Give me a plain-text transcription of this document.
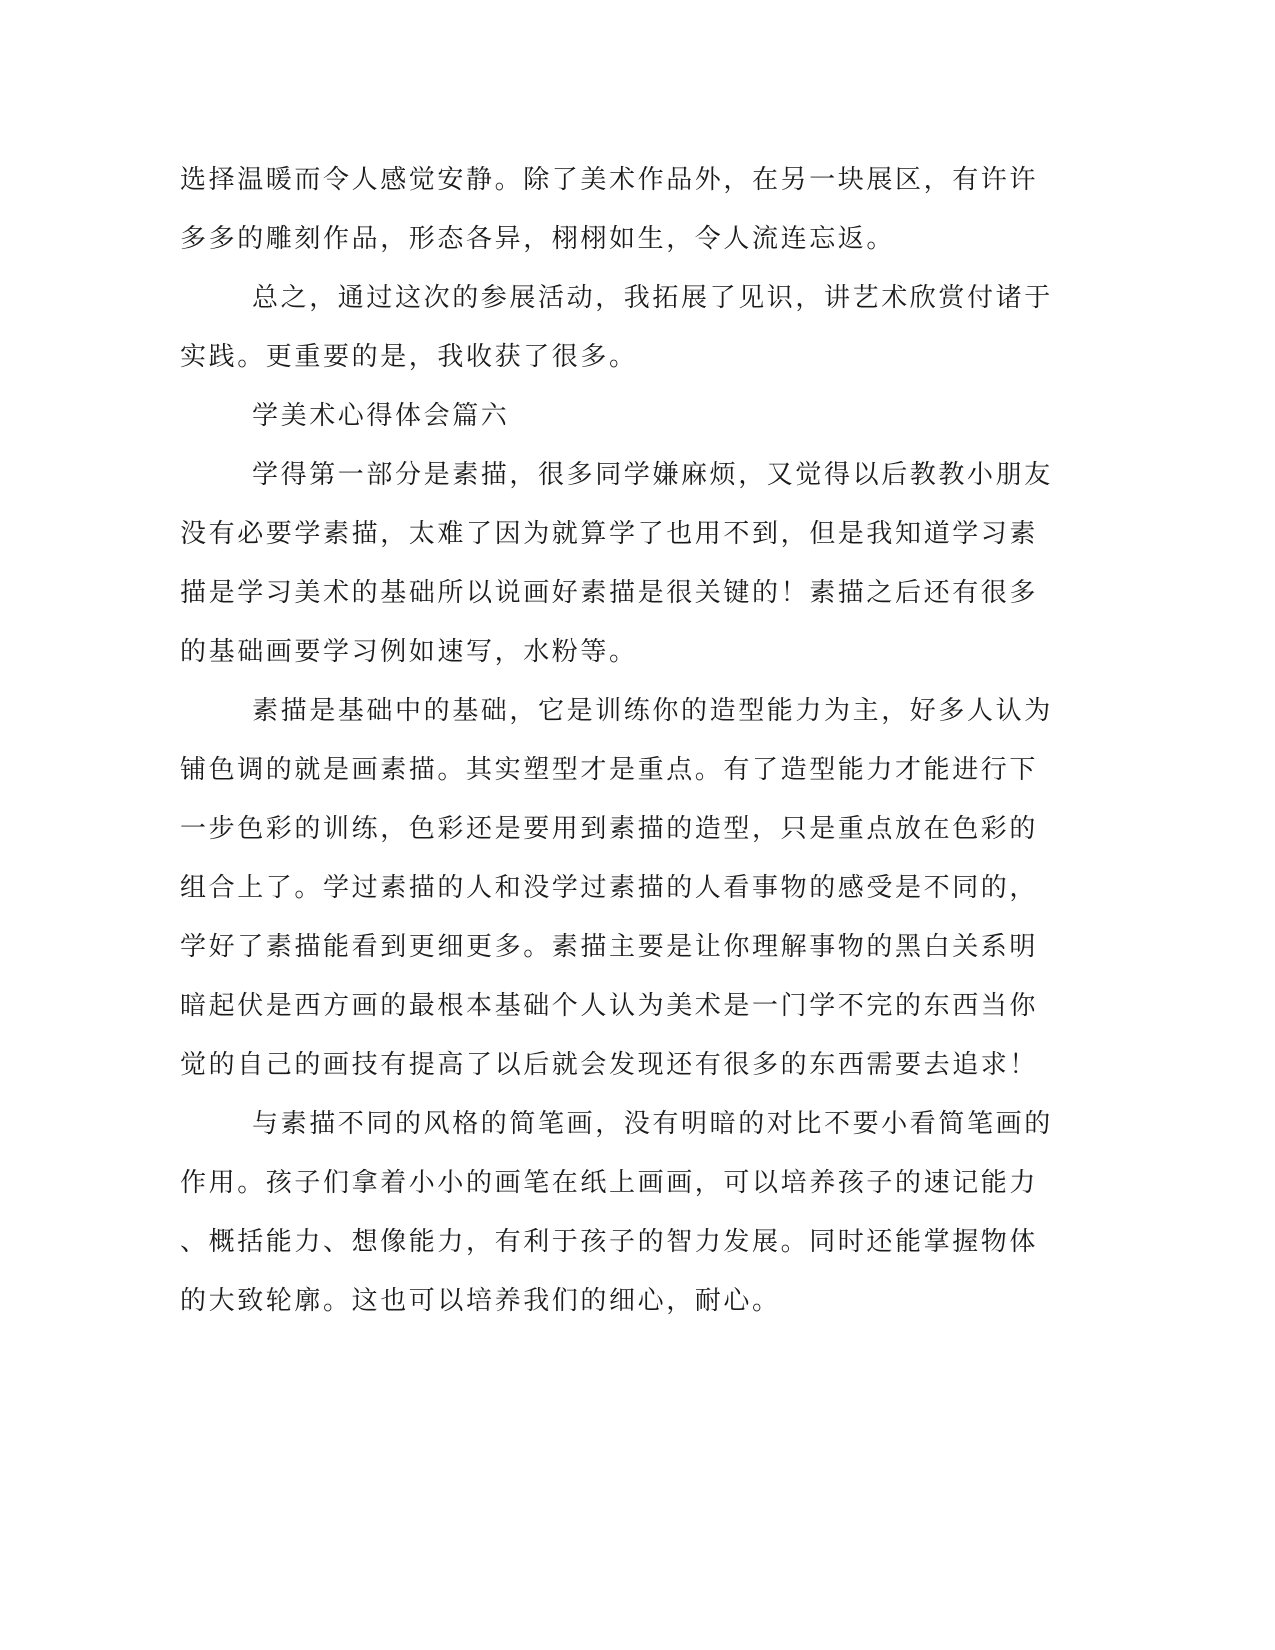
选择温暖而令人感觉安静。除了美术作品外，在另一块展区，有许许
多多的雕刻作品，形态各异，栩栩如生，令人流连忘返。
总之，通过这次的参展活动，我拓展了见识，讲艺术欣赏付诸于
实践。更重要的是，我收获了很多。
学美术心得体会篇六
学得第一部分是素描，很多同学嫌麻烦，又觉得以后教教小朋友
没有必要学素描，太难了因为就算学了也用不到，但是我知道学习素
描是学习美术的基础所以说画好素描是很关键的！素描之后还有很多
的基础画要学习例如速写，水粉等。
素描是基础中的基础，它是训练你的造型能力为主，好多人认为
铺色调的就是画素描。其实塑型才是重点。有了造型能力才能进行下
一步色彩的训练，色彩还是要用到素描的造型，只是重点放在色彩的
组合上了。学过素描的人和没学过素描的人看事物的感受是不同的，
学好了素描能看到更细更多。素描主要是让你理解事物的黑白关系明
暗起伏是西方画的最根本基础个人认为美术是一门学不完的东西当你
觉的自己的画技有提高了以后就会发现还有很多的东西需要去追求！
与素描不同的风格的简笔画，没有明暗的对比不要小看简笔画的
作用。孩子们拿着小小的画笔在纸上画画，可以培养孩子的速记能力
、概括能力、想像能力，有利于孩子的智力发展。同时还能掌握物体
的大致轮廓。这也可以培养我们的细心，耐心。
